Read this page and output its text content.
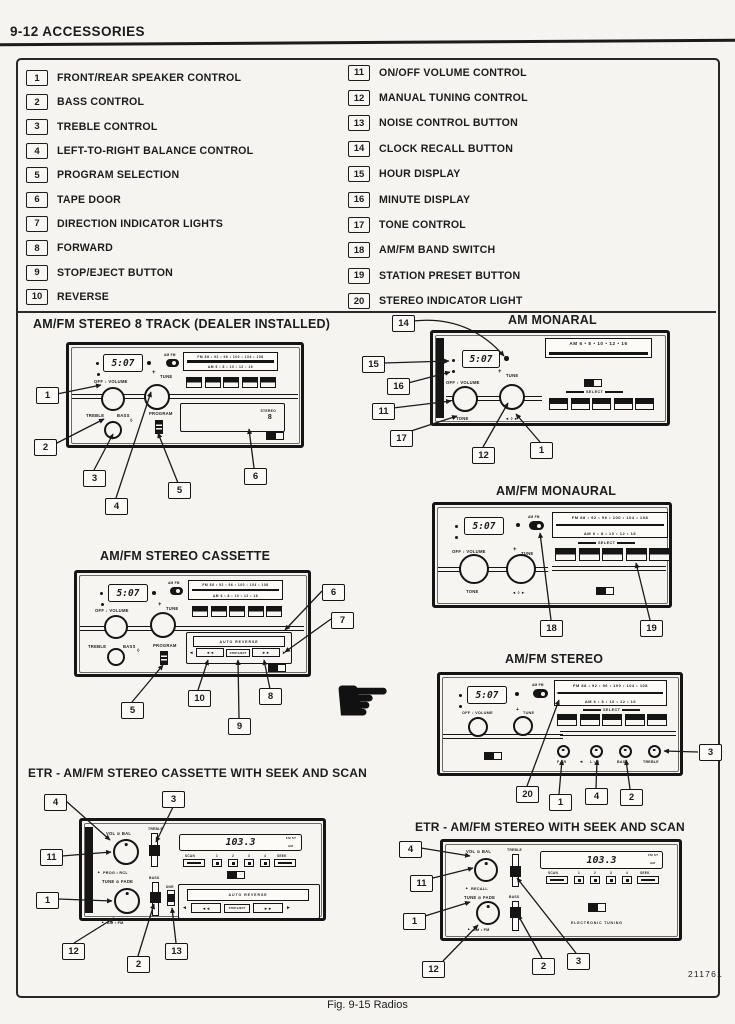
9-12 ACCESSORIES
1	FRONT/REAR SPEAKER CONTROL
2	BASS CONTROL
3	TREBLE CONTROL
4	LEFT-TO-RIGHT BALANCE CONTROL
5	PROGRAM SELECTION
6	TAPE DOOR
7	DIRECTION INDICATOR LIGHTS
8	FORWARD
9	STOP/EJECT BUTTON
10	REVERSE
11	ON/OFF VOLUME CONTROL
12	MANUAL TUNING CONTROL
13	NOISE CONTROL BUTTON
14	CLOCK RECALL BUTTON
15	HOUR DISPLAY
16	MINUTE DISPLAY
17	TONE CONTROL
18	AM/FM BAND SWITCH
19	STATION PRESET BUTTON
20	STEREO INDICATOR LIGHT
AM/FM STEREO 8 TRACK (DEALER INSTALLED)
5:07
AM FM	FM 88 • 92 • 96 • 100 • 104 • 108
AM 6 • 8 • 10 • 12 • 16
OFF ♪ VOLUME
+
TUNE
TREBLE	BASS
◊
PROGRAM	STEREO
8
1
2
3
4
5
6
AM MONARAL
5:07
AM 6 • 8 • 10 • 12 • 16
OFF ♪ VOLUME
TONE
+
TUNE
◄ ◊ ►
SELECT
14
15
16
11
17
12	1
AM/FM MONAURAL
5:07
AM FM	FM 88 • 92 • 96 • 100 • 104 • 108
AM 6 • 8 • 10 • 12 • 16
SELECT
OFF ♪ VOLUME
TONE
+
TUNE
◄ ◊ ►
18	19
AM/FM STEREO CASSETTE
5:07
AM FM	FM 88 • 92 • 96 • 100 • 104 • 108
AM 6 • 8 • 10 • 12 • 16
OFF ♪ VOLUME
+
TUNE
TREBLE	BASS
◊
PROGRAM
AUTO REVERSE
◄	◄◄	STOP EJECT	►►	►
6
7
5
10
9
8 ☛
AM/FM STEREO
5:07
AM FM	FM 88 • 92 • 96 • 100 • 104 • 108
AM 6 • 8 • 10 • 12 • 16
ST
SELECT
OFF ♪ VOLUME	+ TUNE
F • R	◄ L • R	BASS	TREBLE
20
1
4	2
3
ETR - AM/FM STEREO CASSETTE WITH SEEK AND SCAN
VOL ⊙ BAL
▲ PROG • RCL
TREBLE
TUNE ⊙ FADE
▲ AM • FM
BASS
DNR
103.3	FM ST
AM
SCAN	1	2	3	4	SEEK
AUTO REVERSE
◄	◄◄	STOP EJECT	►►	►
4	3
11
1
12
2
13
ETR - AM/FM STEREO WITH SEEK AND SCAN
VOL ⊙ BAL
▲ RECALL
TUNE ⊙ FADE
▲ AM • FM
TREBLE
BASS
103.3	FM ST
AM
SCAN	1	2	3	4	SEEK
ELECTRONIC TUNING
4
11
1
12	2	3
Fig. 9-15 Radios
211761
